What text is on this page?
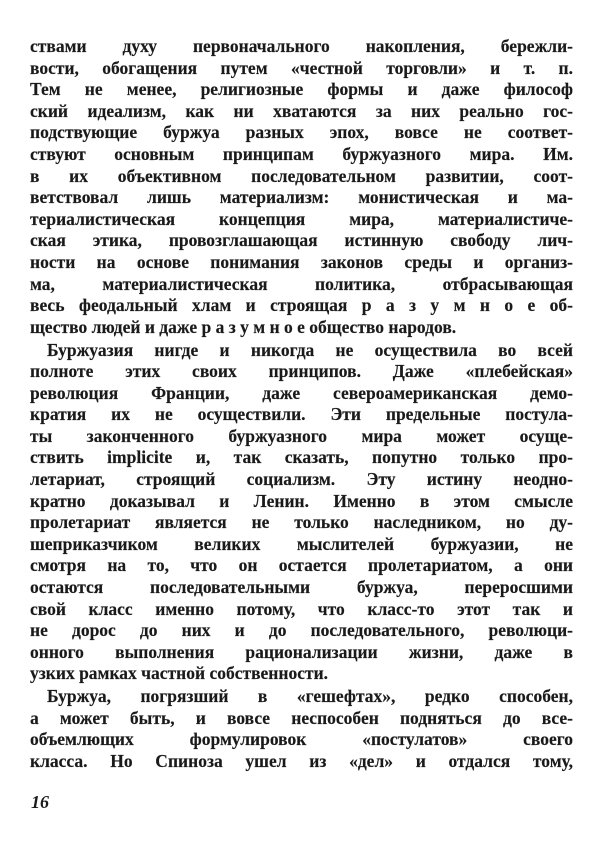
ствами духу первоначального накопления, бережли-
вости, обогащения путем «честной торговли» и т. п.
Тем не менее, религиозные формы и даже философ
ский идеализм, как ни хватаются за них реально гос-
подствующие буржуа разных эпох, вовсе не соответ-
ствуют основным принципам буржуазного мира. Им.
в их объективном последовательном развитии, соот-
ветствовал лишь материализм: монистическая и ма-
териалистическая концепция мира, материалистиче-
ская этика, провозглашающая истинную свободу лич-
ности на основе понимания законов среды и организ-
ма, материалистическая политика, отбрасывающая
весь феодальный хлам и строящая р а з у м н о е об-
щество людей и даже р а з у м н о е общество народов.
Буржуазия нигде и никогда не осуществила во всей
полноте этих своих принципов. Даже «плебейская»
революция Франции, даже североамериканская демо-
кратия их не осуществили. Эти предельные постула-
ты законченного буржуазного мира может осуще-
ствить implicite и, так сказать, попутно только про-
летариат, строящий социализм. Эту истину неодно-
кратно доказывал и Ленин. Именно в этом смысле
пролетариат является не только наследником, но ду-
шеприказчиком великих мыслителей буржуазии, не
смотря на то, что он остается пролетариатом, а они
остаются последовательными буржуа, переросшими
свой класс именно потому, что класс-то этот так и
не дорос до них и до последовательного, революци-
онного выполнения рационализации жизни, даже в
узких рамках частной собственности.
Буржуа, погрязший в «гешефтах», редко способен,
а может быть, и вовсе неспособен подняться до все-
объемлющих формулировок «постулатов» своего
класса. Но Спиноза ушел из «дел» и отдался тому,
16
